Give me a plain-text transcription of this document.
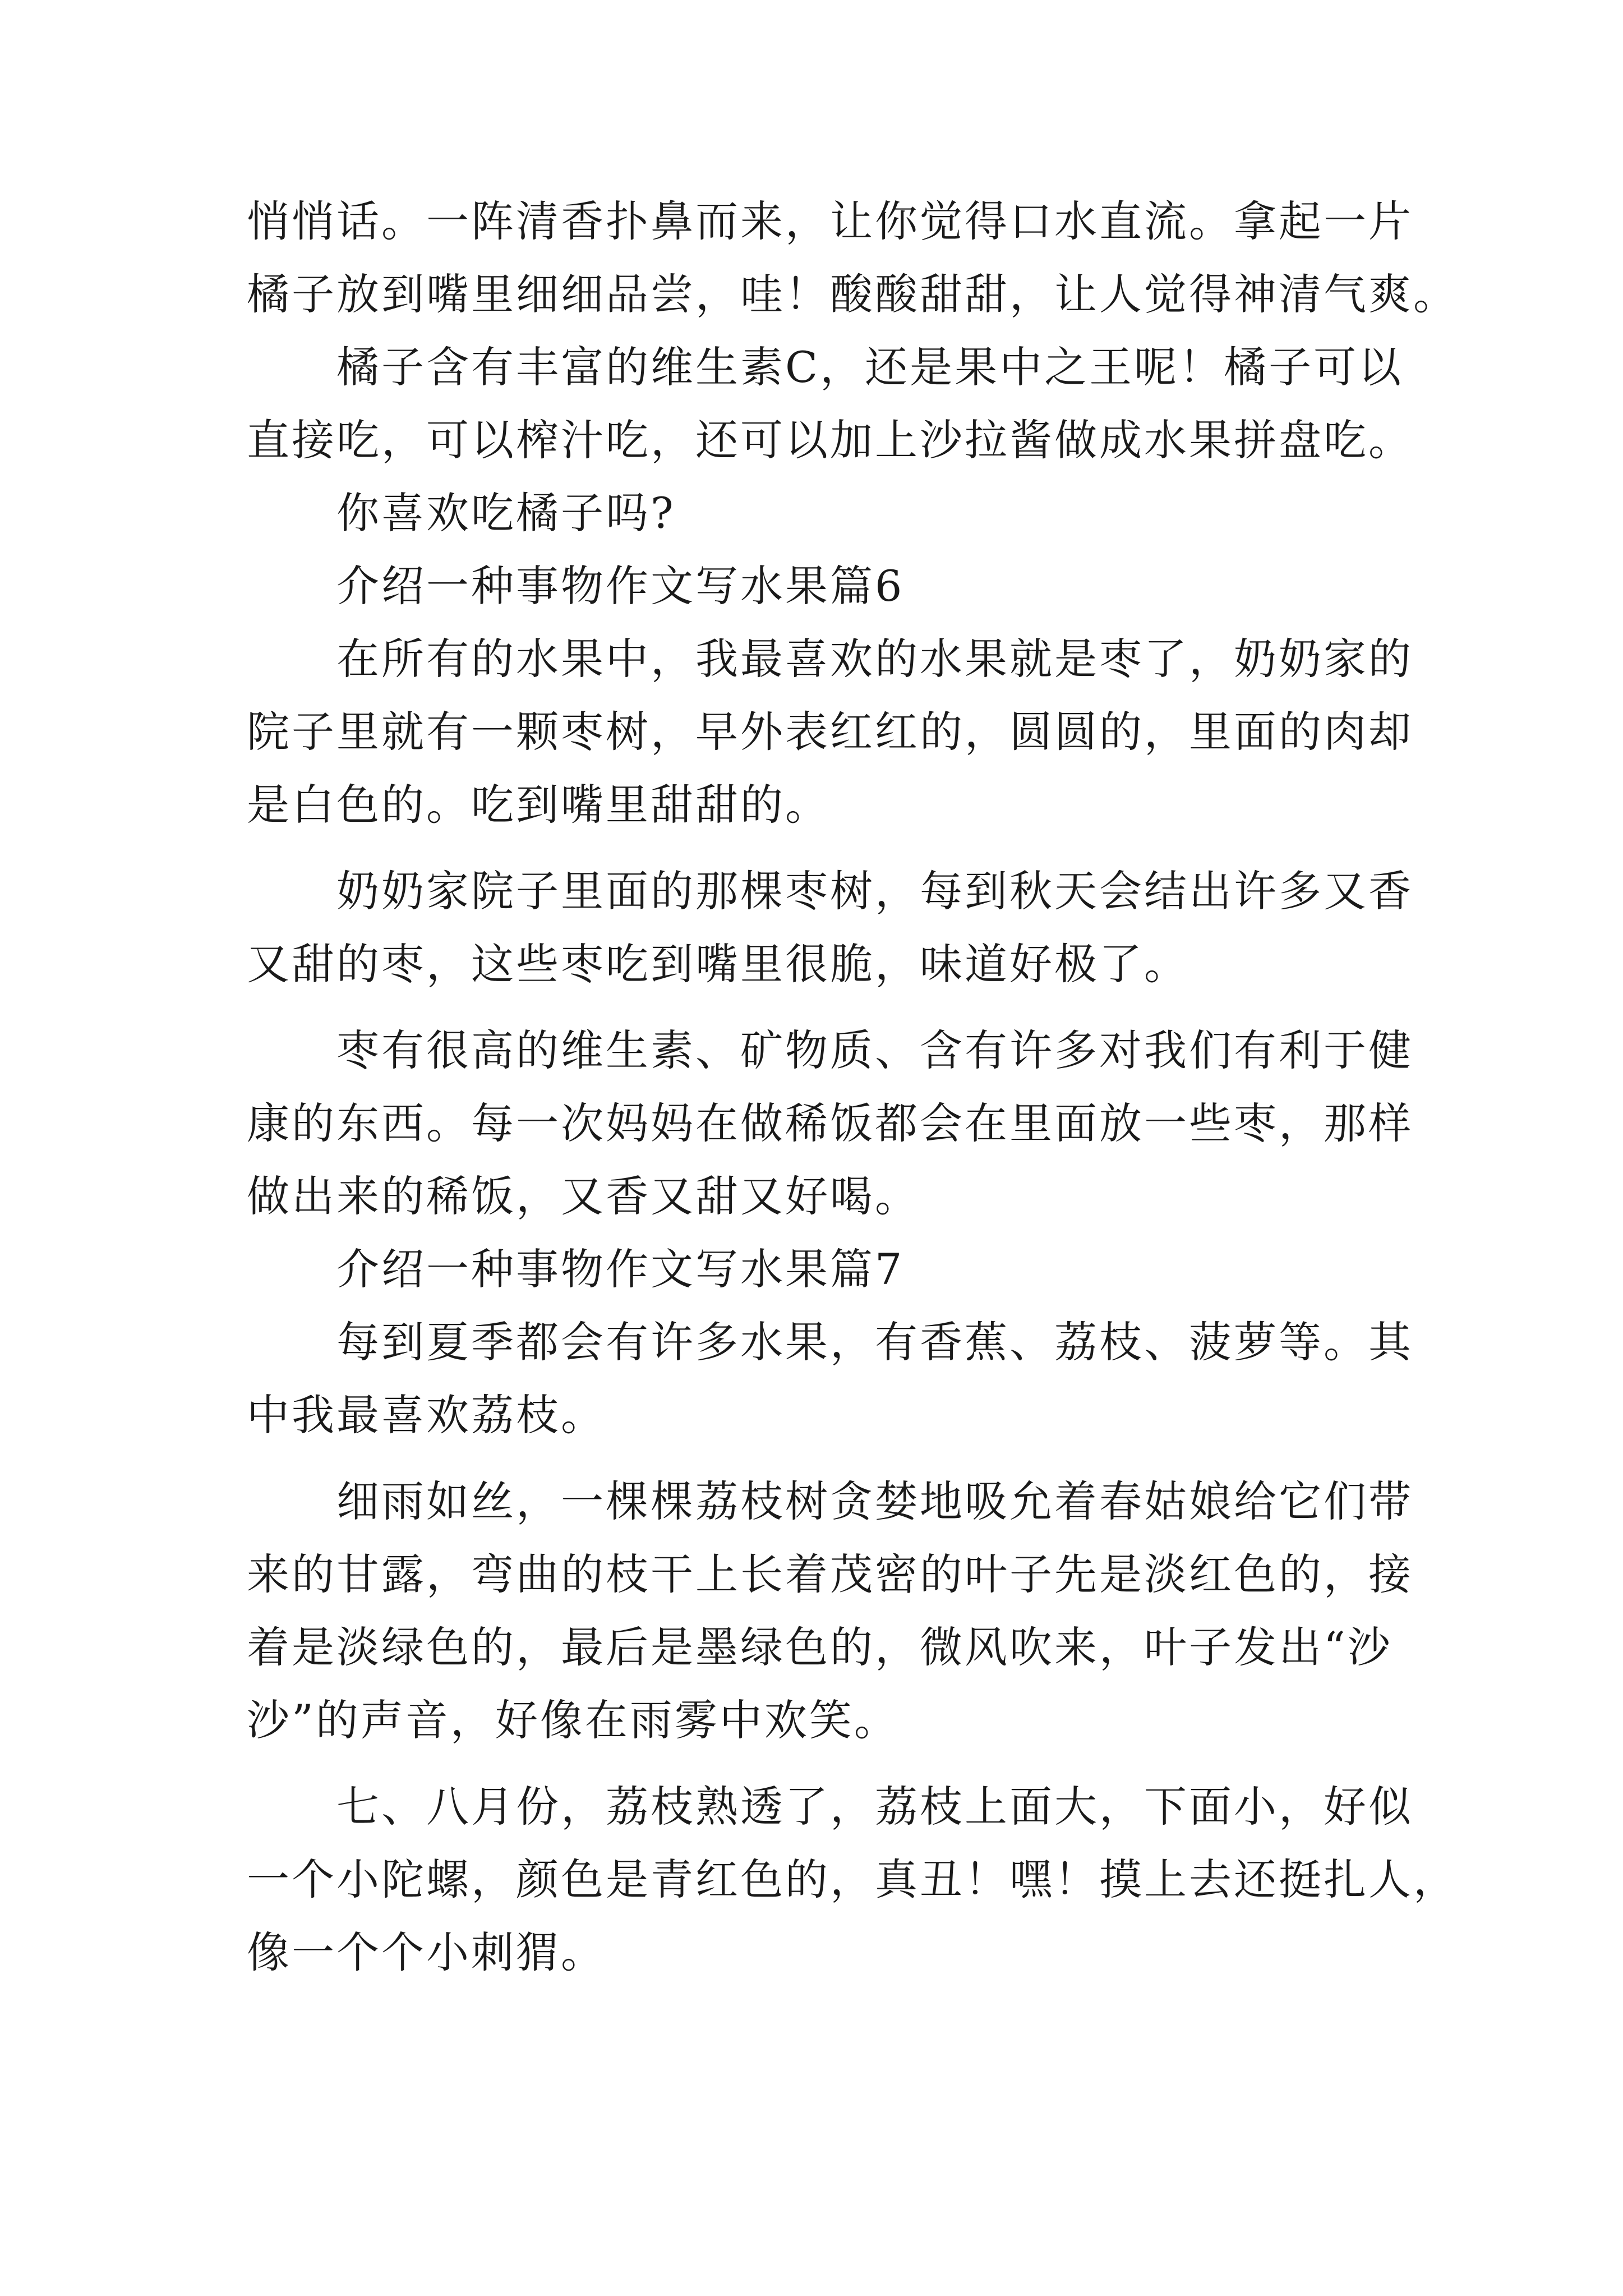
悄悄话。一阵清香扑鼻而来，让你觉得口水直流。拿起一片
橘子放到嘴里细细品尝，哇！酸酸甜甜，让人觉得神清气爽。
橘子含有丰富的维生素C，还是果中之王呢！橘子可以
直接吃，可以榨汁吃，还可以加上沙拉酱做成水果拼盘吃。
你喜欢吃橘子吗?
介绍一种事物作文写水果篇6
在所有的水果中，我最喜欢的水果就是枣了，奶奶家的
院子里就有一颗枣树，早外表红红的，圆圆的，里面的肉却
是白色的。吃到嘴里甜甜的。
奶奶家院子里面的那棵枣树，每到秋天会结出许多又香
又甜的枣，这些枣吃到嘴里很脆，味道好极了。
枣有很高的维生素、矿物质、含有许多对我们有利于健
康的东西。每一次妈妈在做稀饭都会在里面放一些枣，那样
做出来的稀饭，又香又甜又好喝。
介绍一种事物作文写水果篇7
每到夏季都会有许多水果，有香蕉、荔枝、菠萝等。其
中我最喜欢荔枝。
细雨如丝，一棵棵荔枝树贪婪地吸允着春姑娘给它们带
来的甘露，弯曲的枝干上长着茂密的叶子先是淡红色的，接
着是淡绿色的，最后是墨绿色的，微风吹来，叶子发出“沙
沙”的声音，好像在雨雾中欢笑。
七、八月份，荔枝熟透了，荔枝上面大，下面小，好似
一个小陀螺，颜色是青红色的，真丑！嘿！摸上去还挺扎人，
像一个个小刺猬。
